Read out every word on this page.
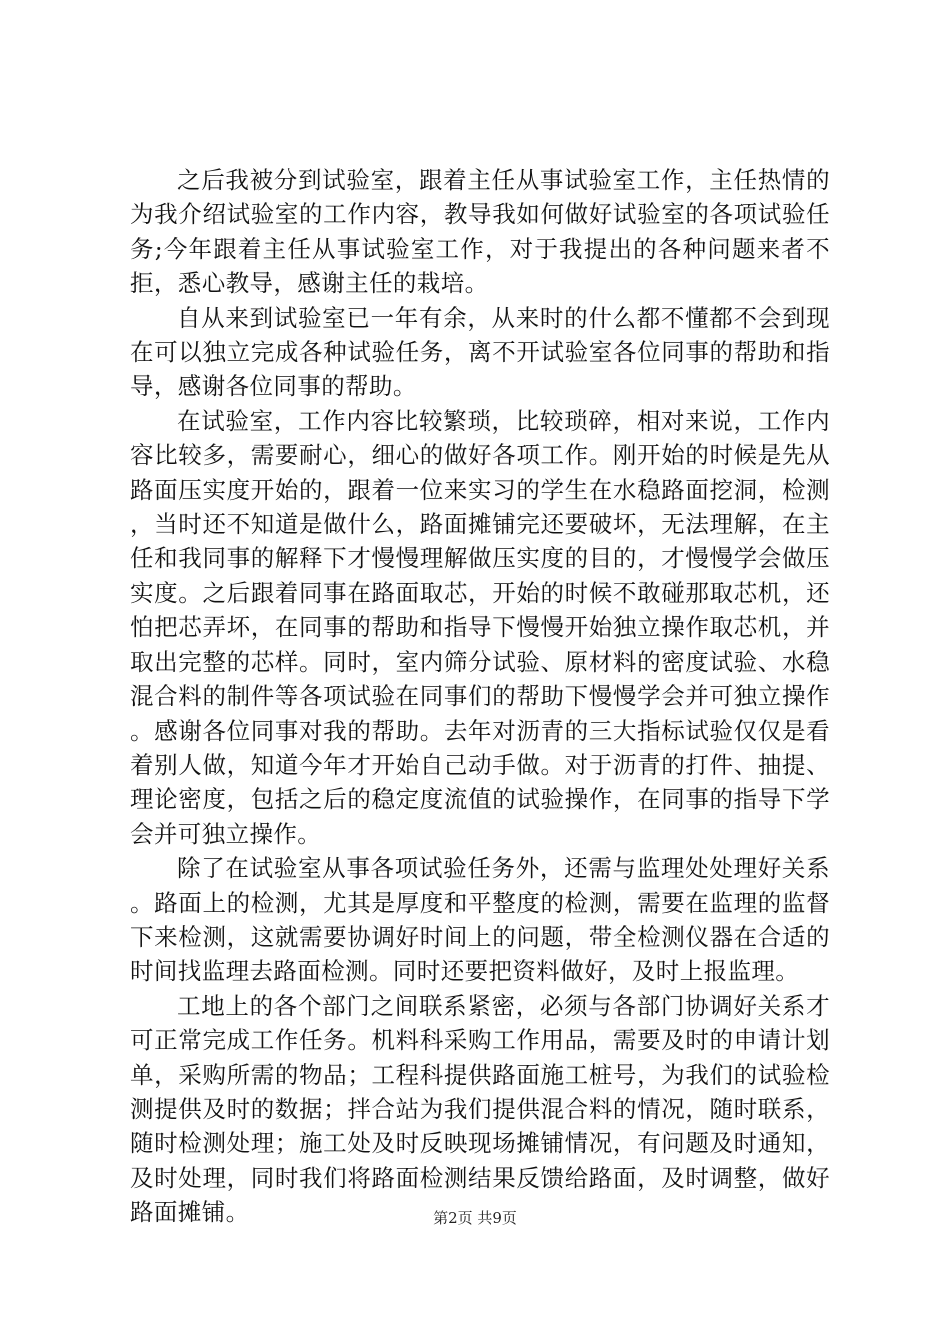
之后我被分到试验室，跟着主任从事试验室工作，主任热情的为我介绍试验室的工作内容，教导我如何做好试验室的各项试验任务;今年跟着主任从事试验室工作，对于我提出的各种问题来者不拒，悉心教导，感谢主任的栽培。

自从来到试验室已一年有余，从来时的什么都不懂都不会到现在可以独立完成各种试验任务，离不开试验室各位同事的帮助和指导，感谢各位同事的帮助。

在试验室，工作内容比较繁琐，比较琐碎，相对来说，工作内容比较多，需要耐心，细心的做好各项工作。刚开始的时候是先从路面压实度开始的，跟着一位来实习的学生在水稳路面挖洞，检测，当时还不知道是做什么，路面摊铺完还要破坏，无法理解，在主任和我同事的解释下才慢慢理解做压实度的目的，才慢慢学会做压实度。之后跟着同事在路面取芯，开始的时候不敢碰那取芯机，还怕把芯弄坏，在同事的帮助和指导下慢慢开始独立操作取芯机，并取出完整的芯样。同时，室内筛分试验、原材料的密度试验、水稳混合料的制件等各项试验在同事们的帮助下慢慢学会并可独立操作。感谢各位同事对我的帮助。去年对沥青的三大指标试验仅仅是看着别人做，知道今年才开始自己动手做。对于沥青的打件、抽提、理论密度，包括之后的稳定度流值的试验操作，在同事的指导下学会并可独立操作。

除了在试验室从事各项试验任务外，还需与监理处处理好关系。路面上的检测，尤其是厚度和平整度的检测，需要在监理的监督下来检测，这就需要协调好时间上的问题，带全检测仪器在合适的时间找监理去路面检测。同时还要把资料做好，及时上报监理。

工地上的各个部门之间联系紧密，必须与各部门协调好关系才可正常完成工作任务。机料科采购工作用品，需要及时的申请计划单，采购所需的物品；工程科提供路面施工桩号，为我们的试验检测提供及时的数据；拌合站为我们提供混合料的情况，随时联系，随时检测处理；施工处及时反映现场摊铺情况，有问题及时通知，及时处理，同时我们将路面检测结果反馈给路面，及时调整，做好路面摊铺。	第2页 共9页
